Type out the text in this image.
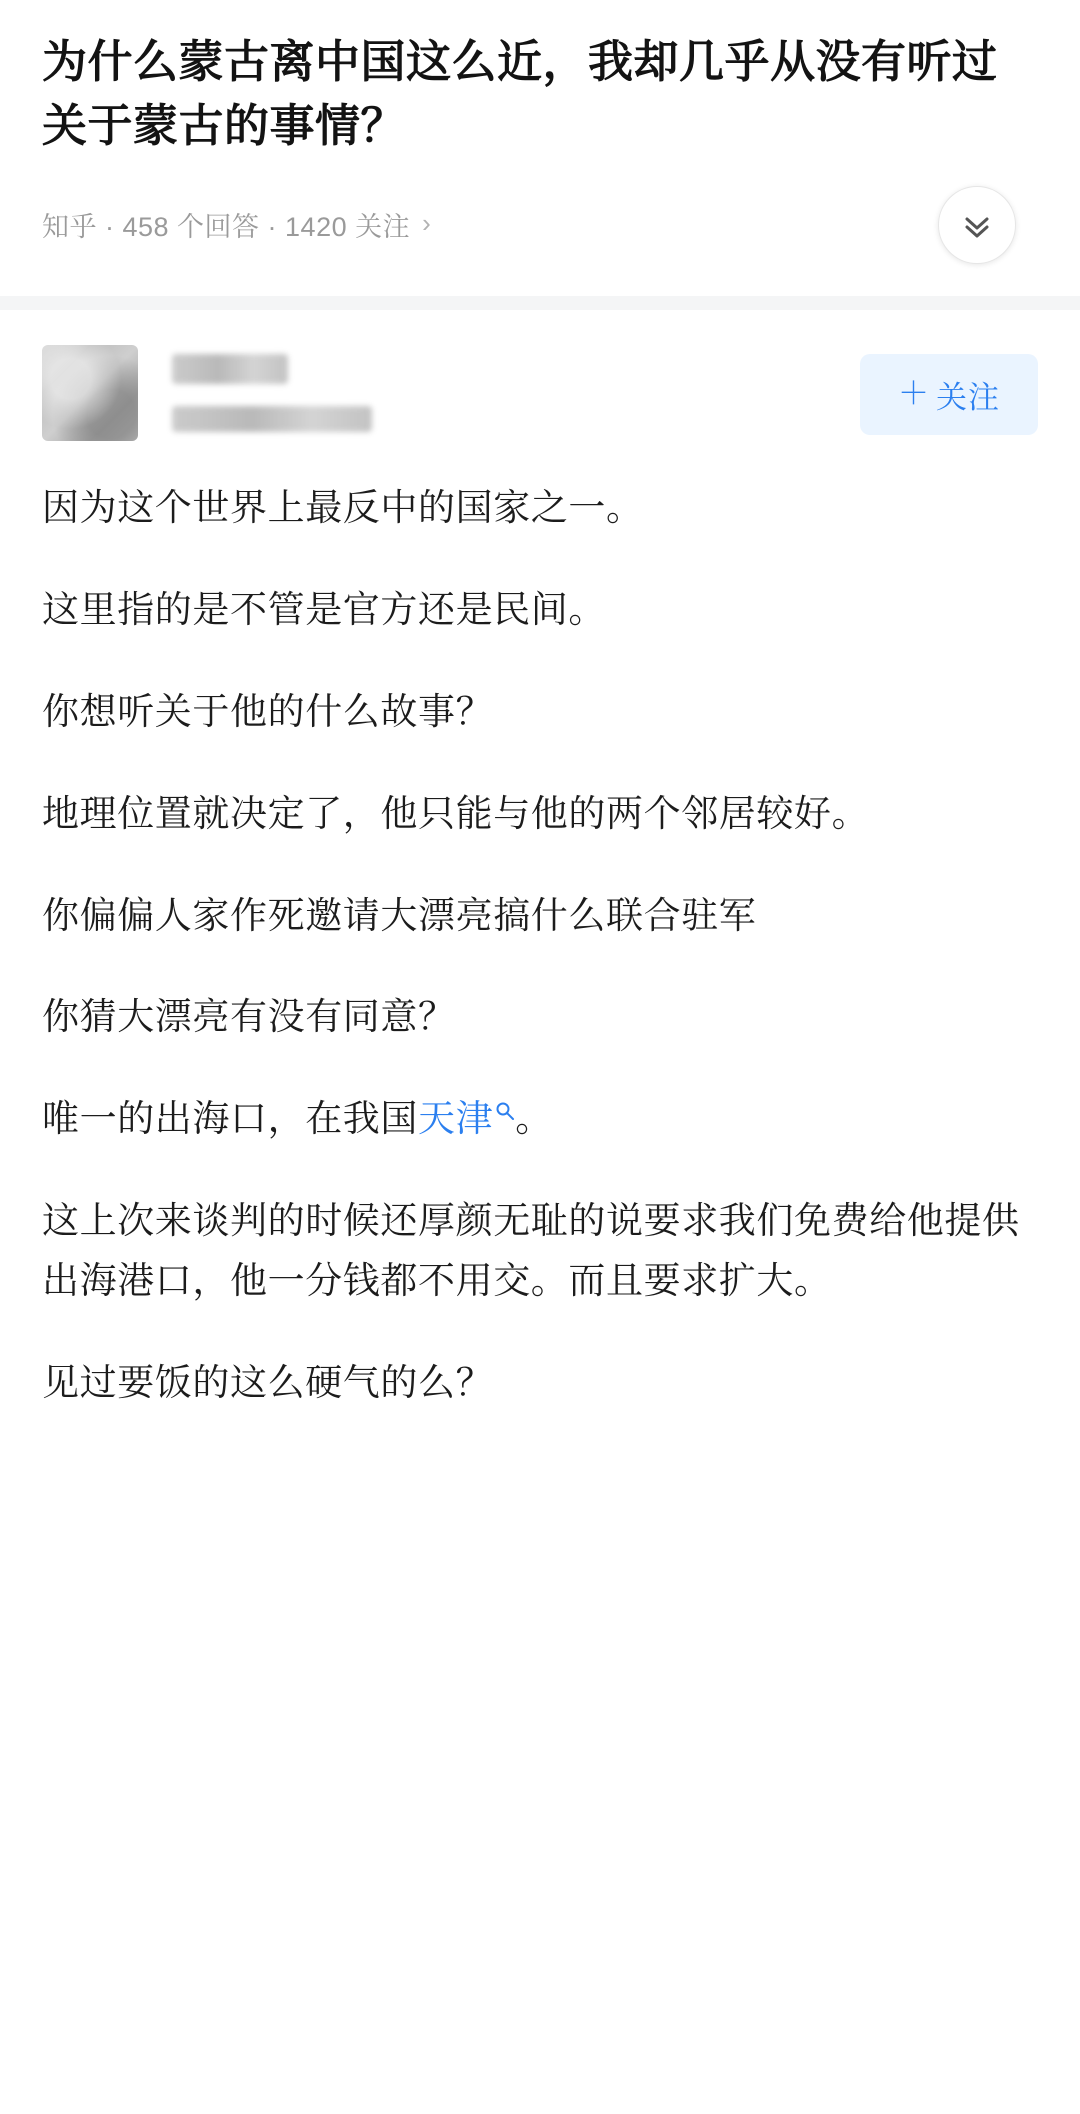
为什么蒙古离中国这么近，我却几乎从没有听过关于蒙古的事情？
知乎 · 458 个回答 · 1420 关注 ›
＋ 关注

因为这个世界上最反中的国家之一。

这里指的是不管是官方还是民间。

你想听关于他的什么故事？

地理位置就决定了，他只能与他的两个邻居较好。

你偏偏人家作死邀请大漂亮搞什么联合驻军

你猜大漂亮有没有同意？

唯一的出海口，在我国天津 。

这上次来谈判的时候还厚颜无耻的说要求我们免费给他提供出海港口，他一分钱都不用交。而且要求扩大。

见过要饭的这么硬气的么？
